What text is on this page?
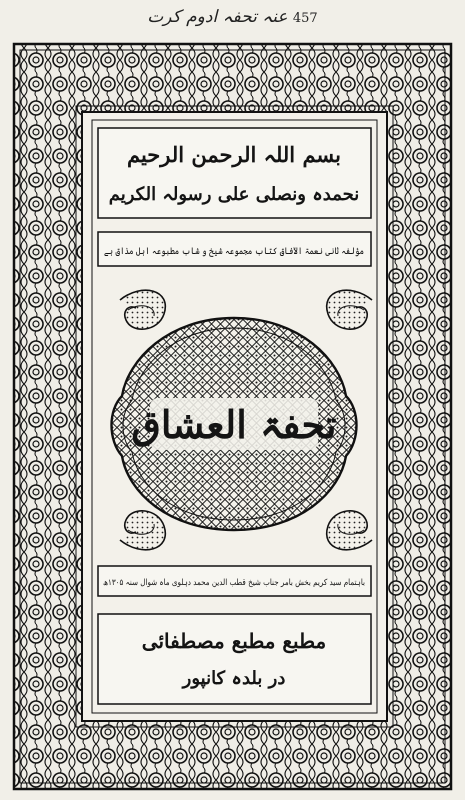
457 عنہ تحفہ ادوم کرت
بسم اللہ الرحمن الرحیم
نحمدہ ونصلی علی رسولہ الکریم
مؤلفہ ثانی نعمۃ الآفاق کتاب مجموعہ شیخ و شاب مطبوعہ اہل مذاق ہے
تحفۃ العشاق
باہتمام سید کریم بخش بامر جناب شیخ قطب الدین محمد دہلوی ماہ شوال سنہ ۱۳۰۵ھ
مطبع مطبع مصطفائی
در بلدہ کانپور
